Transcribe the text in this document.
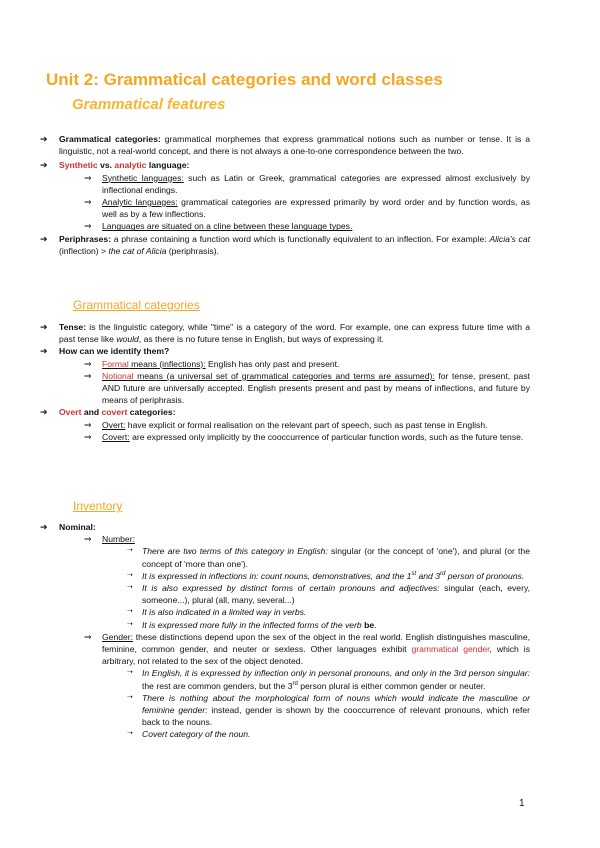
Unit 2: Grammatical categories and word classes
Grammatical features
➔ Grammatical categories: grammatical morphemes that express grammatical notions such as number or tense. It is a linguistic, not a real-world concept, and there is not always a one-to-one correspondence between the two.
➔ Synthetic vs. analytic language:
⇒ Synthetic languages: such as Latin or Greek, grammatical categories are expressed almost exclusively by inflectional endings.
⇒ Analytic languages: grammatical categories are expressed primarily by word order and by function words, as well as by a few inflections.
⇒ Languages are situated on a cline between these language types.
➔ Periphrases: a phrase containing a function word which is functionally equivalent to an inflection. For example: Alicia's cat (inflection) > the cat of Alicia (periphrasis).
Grammatical categories
➔ Tense: is the linguistic category, while "time" is a category of the word. For example, one can express future time with a past tense like would, as there is no future tense in English, but ways of expressing it.
➔ How can we identify them?
⇒ Formal means (inflections): English has only past and present.
⇒ Notional means (a universal set of grammatical categories and terms are assumed): for tense, present, past AND future are universally accepted. English presents present and past by means of inflections, and future by means of periphrasis.
➔ Overt and covert categories:
⇒ Overt: have explicit or formal realisation on the relevant part of speech, such as past tense in English.
⇒ Covert: are expressed only implicitly by the cooccurrence of particular function words, such as the future tense.
Inventory
➔ Nominal:
⇒ Number:
➝ There are two terms of this category in English: singular (or the concept of 'one'), and plural (or the concept of 'more than one').
➝ It is expressed in inflections in: count nouns, demonstratives, and the 1st and 3rd person of pronouns.
➝ It is also expressed by distinct forms of certain pronouns and adjectives: singular (each, every, someone...), plural (all, many, several...)
➝ It is also indicated in a limited way in verbs.
➝ It is expressed more fully in the inflected forms of the verb be.
⇒ Gender: these distinctions depend upon the sex of the object in the real world. English distinguishes masculine, feminine, common gender, and neuter or sexless. Other languages exhibit grammatical gender, which is arbitrary, not related to the sex of the object denoted.
➝ In English, it is expressed by inflection only in personal pronouns, and only in the 3rd person singular: the rest are common genders, but the 3rd person plural is either common gender or neuter.
➝ There is nothing about the morphological form of nouns which would indicate the masculine or feminine gender: instead, gender is shown by the cooccurrence of relevant pronouns, which refer back to the nouns.
➝ Covert category of the noun.
1
